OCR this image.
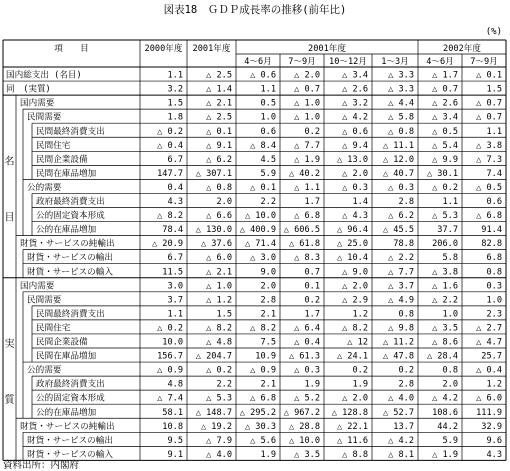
図表18　ＧＤＰ成長率の推移(前年比)
(%)
項　　目	2000年度 2001年度	2001年度	2002年度
4～6月 7～9月 10～12月 1～3月 4～6月 7～9月
国内総支出 (名目)	1.1	△ 2.5 △ 0.6 △ 2.0	△ 3.4 △ 3.3 △ 1.7 △ 0.1
同　(実質)	3.2	△ 1.4	1.1 △ 0.7	△ 2.6 △ 3.3 △ 0.7	1.5
国内需要	1.5	△ 2.1	0.5 △ 1.0	△ 3.2 △ 4.4 △ 2.6 △ 0.7
民間需要	1.8	△ 2.5	1.0 △ 1.0	△ 4.2 △ 5.8 △ 3.4 △ 0.7
民間最終消費支出	△ 0.2	△ 0.1	0.6	0.2	△ 0.6 △ 0.8 △ 0.5	1.1
民間住宅	△ 0.4	△ 9.1 △ 8.4 △ 7.7	△ 9.4 △ 11.1 △ 5.4 △ 3.8
民間企業設備	6.7	△ 6.2	4.5 △ 1.9 △ 13.0 △ 12.0 △ 9.9 △ 7.3
民間在庫品増加	147.7 △ 307.1	5.9 △ 40.2	△ 2.0 △ 40.7 △ 30.1	7.4
公的需要	0.4	△ 0.8 △ 0.1 △ 1.1	△ 0.3 △ 0.3 △ 0.2 △ 0.5
政府最終消費支出	4.3	2.0	2.2	1.7	1.4	2.8	1.1	0.6
公的固定資本形成	△ 8.2	△ 6.6 △ 10.0 △ 6.8	△ 4.3 △ 6.2 △ 5.3 △ 6.8
公的在庫品増加	78.4 △ 130.0 △ 400.9 △ 606.5 △ 96.4 △ 45.5	37.7	91.4
財貨・サービスの純輸出	△ 20.9 △ 37.6 △ 71.4 △ 61.8 △ 25.0	78.8 206.0	82.8
財貨・サービスの輸出	6.7	△ 6.0 △ 3.0 △ 8.3 △ 10.4 △ 2.2	5.8	6.8
財貨・サービスの輸入	11.5	△ 2.1	9.0	0.7	△ 9.0 △ 7.7 △ 3.8	0.8
国内需要	3.0	△ 1.0	2.0	0.1	△ 2.0 △ 3.7 △ 1.6	0.3
民間需要	3.7	△ 1.2	2.8	0.2	△ 2.9 △ 4.9 △ 2.2	1.0
民間最終消費支出	1.1	1.5	2.1	1.7	1.2	0.8	1.0	2.3
民間住宅	△ 0.2	△ 8.2 △ 8.2 △ 6.4	△ 8.2 △ 9.8 △ 3.5 △ 2.7
民間企業設備	10.0	△ 4.8	7.5 △ 0.4	△ 12 △ 11.2 △ 8.6 △ 4.7
民間在庫品増加	156.7 △ 204.7	10.9 △ 61.3 △ 24.1 △ 47.8 △ 28.4	25.7
公的需要	△ 0.9	△ 0.2 △ 0.9 △ 0.3	0.2	0.2	0.8 △ 0.4
政府最終消費支出	4.8	2.2	2.1	1.9	1.9	2.8	2.0	1.2
公的固定資本形成	△ 7.4	△ 5.3 △ 6.8 △ 5.2	△ 2.0 △ 4.0 △ 4.2 △ 6.0
公的在庫品増加	58.1 △ 148.7 △ 295.2 △ 967.2 △ 128.8 △ 52.7 108.6 111.9
財貨・サービスの純輸出	10.8 △ 19.2 △ 30.3 △ 28.8 △ 22.1	13.7	44.2	32.9
財貨・サービスの輸出	9.5	△ 7.9 △ 5.6 △ 10.0 △ 11.6 △ 4.2	5.9	9.6
財貨・サービスの輸入	9.1	△ 4.0	1.9 △ 3.5	△ 8.8 △ 8.1 △ 1.9	4.3
名
目
実
質
資料出所：内閣府
